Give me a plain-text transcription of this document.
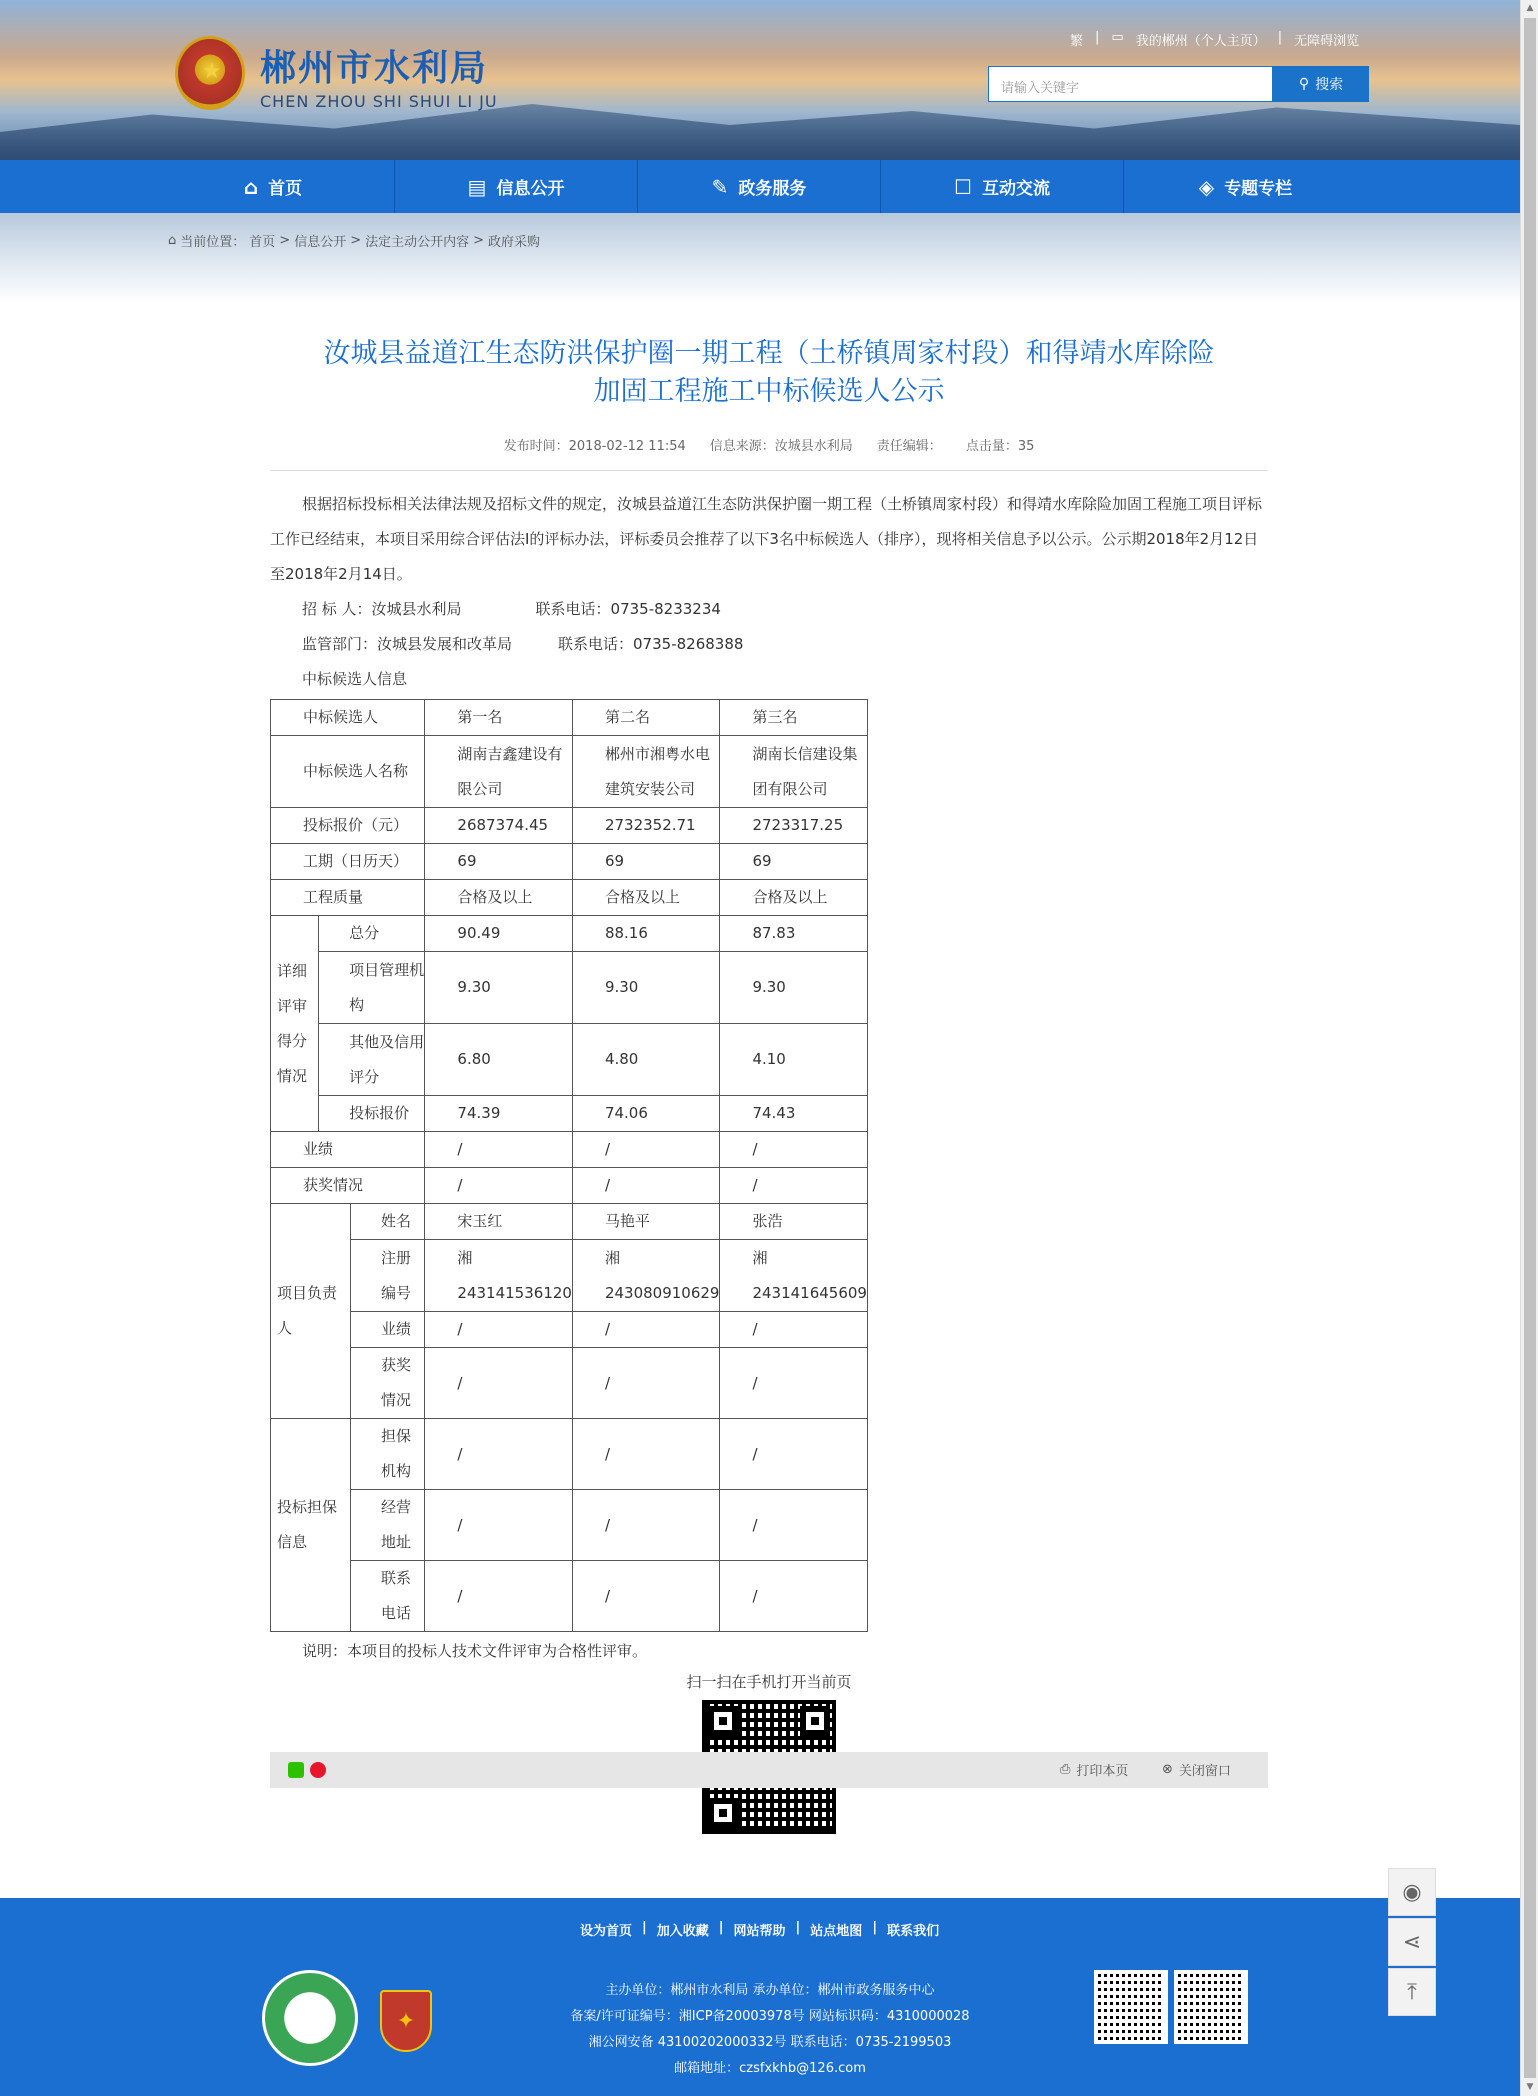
★ 郴州市水利局
CHEN ZHOU SHI SHUI LI JU
繁 | ▭ 我的郴州（个人主页） | 无障碍浏览
请输入关键字	⚲ 搜索
⌂ 首页	▤ 信息公开	✎ 政务服务	☐ 互动交流	◈ 专题专栏
⌂ 当前位置： 首页 > 信息公开 > 法定主动公开内容 > 政府采购
汝城县益道江生态防洪保护圈一期工程（土桥镇周家村段）和得靖水库除险
加固工程施工中标候选人公示
发布时间：2018-02-12 11:54 信息来源：汝城县水利局 责任编辑： 点击量：35

根据招标投标相关法律法规及招标文件的规定，汝城县益道江生态防洪保护圈一期工程（土桥镇周家村段）和得靖水库除险加固工程施工项目评标工作已经结束，本项目采用综合评估法Ⅰ的评标办法，评标委员会推荐了以下3名中标候选人（排序），现将相关信息予以公示。公示期2018年2月12日至2018年2月14日。

招 标 人：汝城县水利局	联系电话：0735-8233234
监管部门：汝城县发展和改革局	联系电话：0735-8268388
中标候选人信息
中标候选人			第一名	第二名	第三名
中标候选人名称			湖南吉鑫建设有限公司	郴州市湘粤水电建筑安装公司	湖南长信建设集团有限公司
投标报价（元）			2687374.45	2732352.71	2723317.25
工期（日历天）			69	69	69
工程质量			合格及以上	合格及以上	合格及以上
详细评审得分情况	总分		90.49	88.16	87.83
	项目管理机构		9.30	9.30	9.30
	其他及信用评分		6.80	4.80	4.10
	投标报价		74.39	74.06	74.43
业绩			/	/	/
获奖情况			/	/	/
项目负责人		姓名	宋玉红	马艳平	张浩
		注册编号	湘243141536120	湘243080910629	湘243141645609
		业绩	/	/	/
		获奖情况	/	/	/
投标担保信息		担保机构	/	/	/
		经营地址	/	/	/
		联系电话	/	/	/
说明：本项目的投标人技术文件评审为合格性评审。
扫一扫在手机打开当前页
⎙ 打印本页	⊗ 关闭窗口
设为首页 | 加入收藏 | 网站帮助 | 站点地图 | 联系我们
✦
主办单位：郴州市水利局 承办单位：郴州市政务服务中心
备案/许可证编号：湘ICP备20003978号 网站标识码：4310000028
湘公网安备 43100202000332号 联系电话：0735-2199503
邮箱地址：czsfxkhb@126.com
◉
⋖
⤒
▲
▼
